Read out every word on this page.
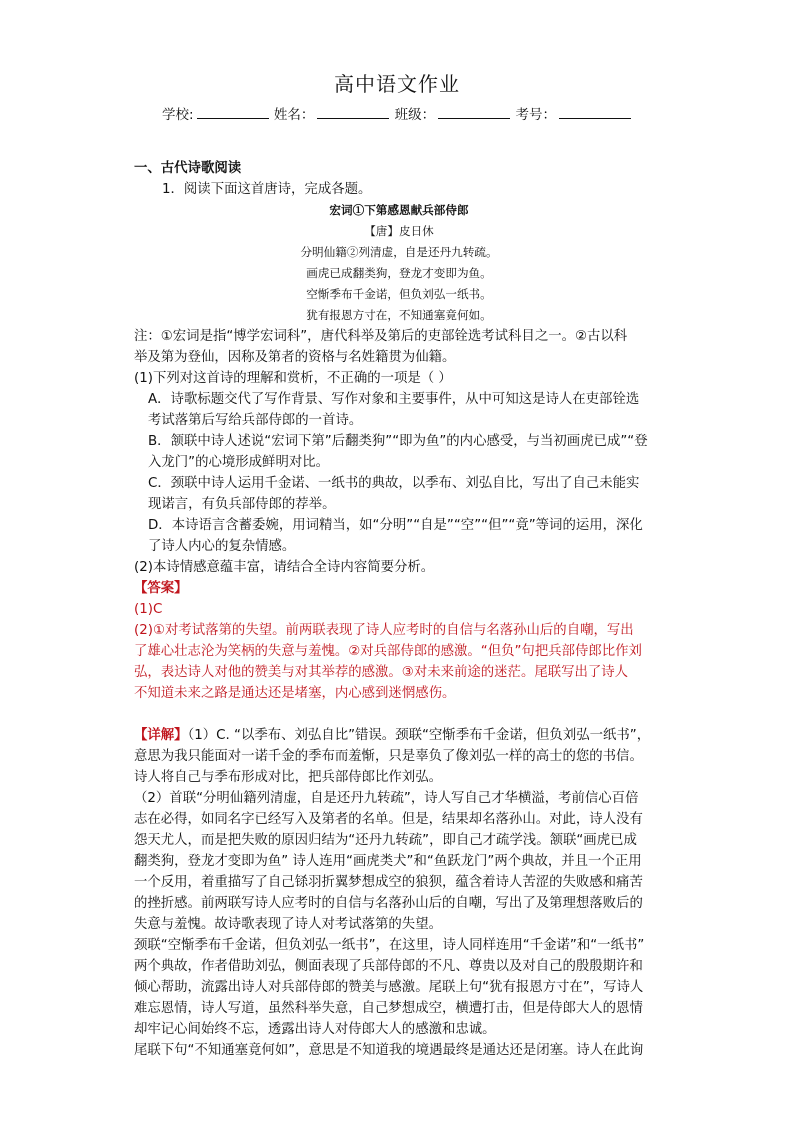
高中语文作业
学校:	姓名：	班级：	考号：
一、古代诗歌阅读
1．阅读下面这首唐诗，完成各题。
宏词①下第感恩献兵部侍郎
【唐】皮日休
分明仙籍②列清虚，自是还丹九转疏。
画虎已成翻类狗，登龙才变即为鱼。
空惭季布千金诺，但负刘弘一纸书。
犹有报恩方寸在，不知通塞竟何如。
注：①宏词是指“博学宏词科”，唐代科举及第后的吏部铨选考试科目之一。②古以科
举及第为登仙，因称及第者的资格与名姓籍贯为仙籍。
(1)下列对这首诗的理解和赏析，不正确的一项是（ ）
A．诗歌标题交代了写作背景、写作对象和主要事件，从中可知这是诗人在吏部铨选
考试落第后写给兵部侍郎的一首诗。
B．颔联中诗人述说“宏词下第”后翻类狗”“即为鱼”的内心感受，与当初画虎已成”“登
入龙门”的心境形成鲜明对比。
C．颈联中诗人运用千金诺、一纸书的典故，以季布、刘弘自比，写出了自己未能实
现诺言，有负兵部侍郎的荐举。
D．本诗语言含蓄委婉，用词精当，如“分明”“自是”“空”“但”“竟”等词的运用，深化
了诗人内心的复杂情感。
(2)本诗情感意蕴丰富，请结合全诗内容简要分析。
【答案】
(1)C
(2)①对考试落第的失望。前两联表现了诗人应考时的自信与名落孙山后的自嘲，写出
了雄心壮志沦为笑柄的失意与羞愧。②对兵部侍郎的感激。“但负”句把兵部侍郎比作刘
弘，表达诗人对他的赞美与对其举荐的感激。③对未来前途的迷茫。尾联写出了诗人
不知道未来之路是通达还是堵塞，内心感到迷惘感伤。
【详解】（1）C. “以季布、刘弘自比”错误。颈联“空惭季布千金诺，但负刘弘一纸书”，
意思为我只能面对一诺千金的季布而羞惭，只是辜负了像刘弘一样的高士的您的书信。
诗人将自己与季布形成对比，把兵部侍郎比作刘弘。
（2）首联“分明仙籍列清虚，自是还丹九转疏”，诗人写自己才华横溢，考前信心百倍
志在必得，如同名字已经写入及第者的名单。但是，结果却名落孙山。对此，诗人没有
怨天尤人，而是把失败的原因归结为“还丹九转疏”，即自己才疏学浅。颔联“画虎已成
翻类狗，登龙才变即为鱼” 诗人连用“画虎类犬”和“鱼跃龙门”两个典故，并且一个正用
一个反用，着重描写了自己铩羽折翼梦想成空的狼狈，蕴含着诗人苦涩的失败感和痛苦
的挫折感。前两联写诗人应考时的自信与名落孙山后的自嘲，写出了及第理想落败后的
失意与羞愧。故诗歌表现了诗人对考试落第的失望。
颈联“空惭季布千金诺，但负刘弘一纸书”，在这里，诗人同样连用“千金诺”和“一纸书”
两个典故，作者借助刘弘，侧面表现了兵部侍郎的不凡、尊贵以及对自己的殷殷期许和
倾心帮助，流露出诗人对兵部侍郎的赞美与感激。尾联上句“犹有报恩方寸在”，写诗人
难忘恩情，诗人写道，虽然科举失意，自己梦想成空，横遭打击，但是侍郎大人的恩情
却牢记心间始终不忘，透露出诗人对侍郎大人的感激和忠诚。
尾联下句“不知通塞竟何如”，意思是不知道我的境遇最终是通达还是闭塞。诗人在此询
